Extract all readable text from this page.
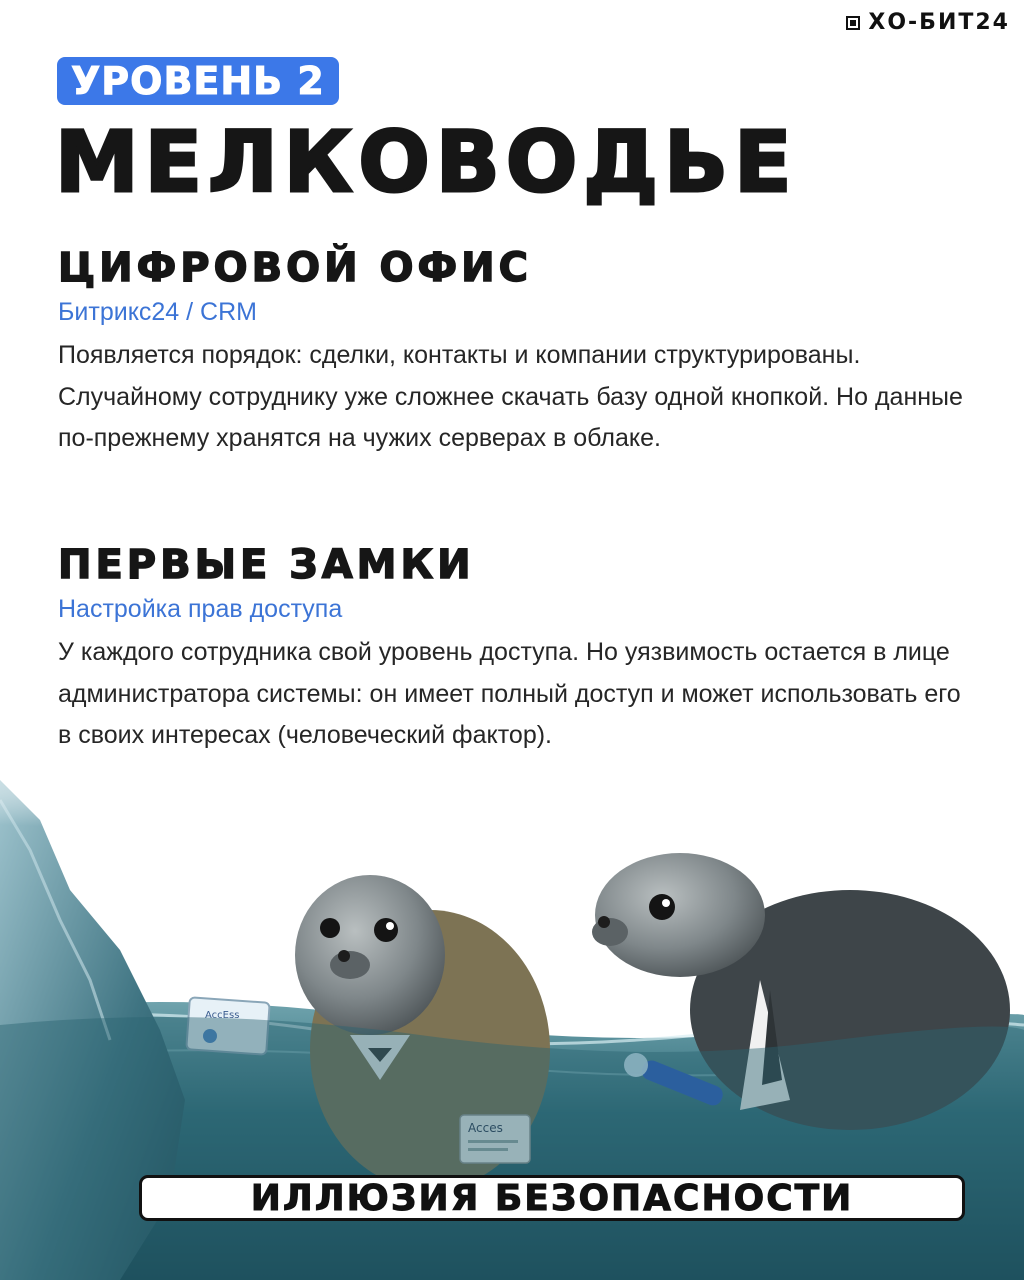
ХО-БИТ24
УРОВЕНЬ 2
МЕЛКОВОДЬЕ
ЦИФРОВОЙ ОФИС
Битрикс24 / CRM
Появляется порядок: сделки, контакты и компании структурированы. Случайному сотруднику уже сложнее скачать базу одной кнопкой. Но данные по-прежнему хранятся на чужих серверах в облаке.
ПЕРВЫЕ ЗАМКИ
Настройка прав доступа
У каждого сотрудника свой уровень доступа. Но уязвимость остается в лице администратора системы: он имеет полный доступ и может использовать его в своих интересах (человеческий фактор).
AccEss
Acces
ИЛЛЮЗИЯ БЕЗОПАСНОСТИ
